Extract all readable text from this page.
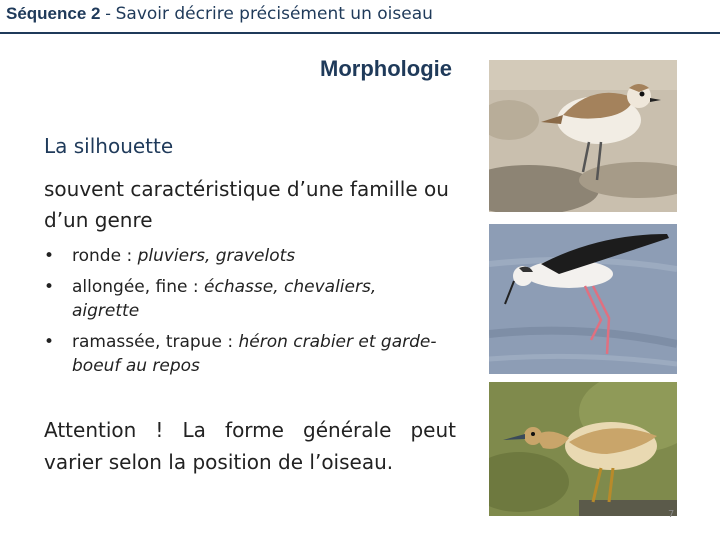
Séquence 2 - Savoir décrire précisément un oiseau
Morphologie
La silhouette
souvent caractéristique d’une famille ou d’un genre
• ronde : pluviers, gravelots
• allongée, fine : échasse, chevaliers, aigrette
• ramassée, trapue : héron crabier et garde-boeuf au repos
Attention ! La forme générale peut varier selon la position de l’oiseau.
7
